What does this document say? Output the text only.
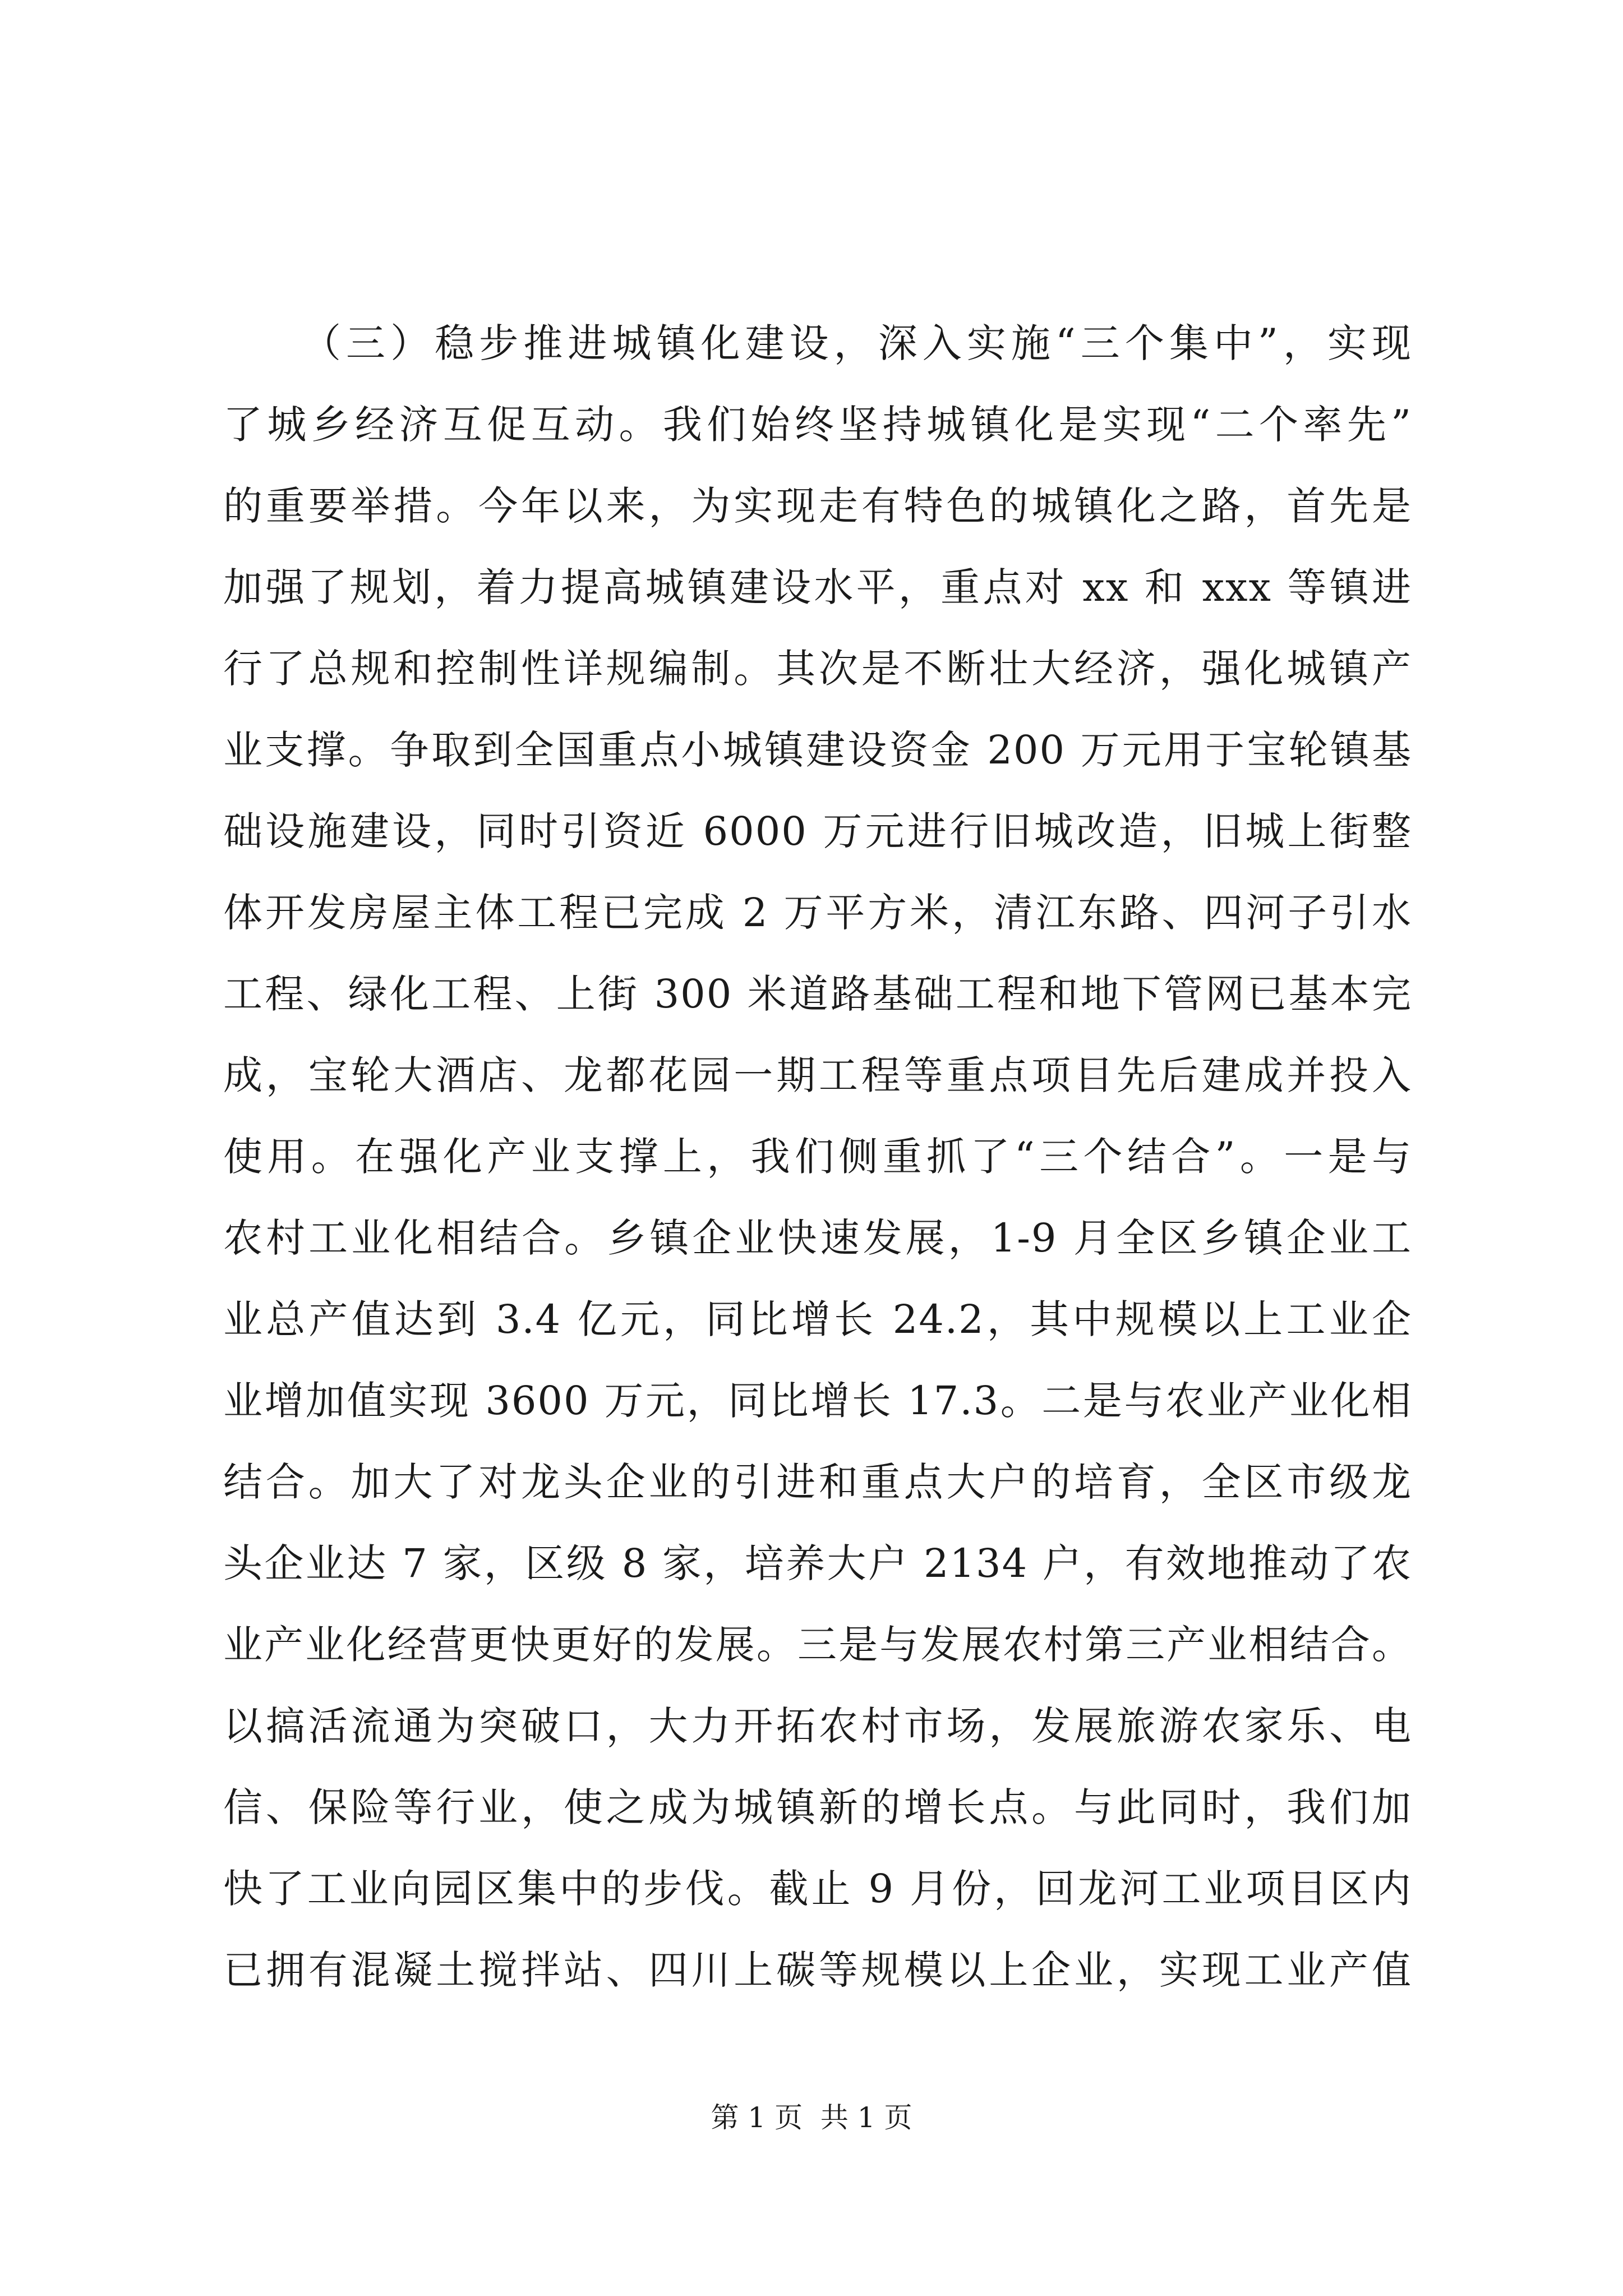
（三）稳步推进城镇化建设，深入实施“三个集中”，实现
了城乡经济互促互动。我们始终坚持城镇化是实现“二个率先”
的重要举措。今年以来，为实现走有特色的城镇化之路，首先是
加强了规划，着力提高城镇建设水平，重点对 xx 和 xxx 等镇进
行了总规和控制性详规编制。其次是不断壮大经济，强化城镇产
业支撑。争取到全国重点小城镇建设资金 200 万元用于宝轮镇基
础设施建设，同时引资近 6000 万元进行旧城改造，旧城上街整
体开发房屋主体工程已完成 2 万平方米，清江东路、四河子引水
工程、绿化工程、上街 300 米道路基础工程和地下管网已基本完
成，宝轮大酒店、龙都花园一期工程等重点项目先后建成并投入
使用。在强化产业支撑上，我们侧重抓了“三个结合”。一是与
农村工业化相结合。乡镇企业快速发展，1-9 月全区乡镇企业工
业总产值达到 3.4 亿元，同比增长 24.2，其中规模以上工业企
业增加值实现 3600 万元，同比增长 17.3。二是与农业产业化相
结合。加大了对龙头企业的引进和重点大户的培育，全区市级龙
头企业达 7 家，区级 8 家，培养大户 2134 户，有效地推动了农
业产业化经营更快更好的发展。三是与发展农村第三产业相结合。
以搞活流通为突破口，大力开拓农村市场，发展旅游农家乐、电
信、保险等行业，使之成为城镇新的增长点。与此同时，我们加
快了工业向园区集中的步伐。截止 9 月份，回龙河工业项目区内
已拥有混凝土搅拌站、四川上碳等规模以上企业，实现工业产值
第 1 页  共 1 页
